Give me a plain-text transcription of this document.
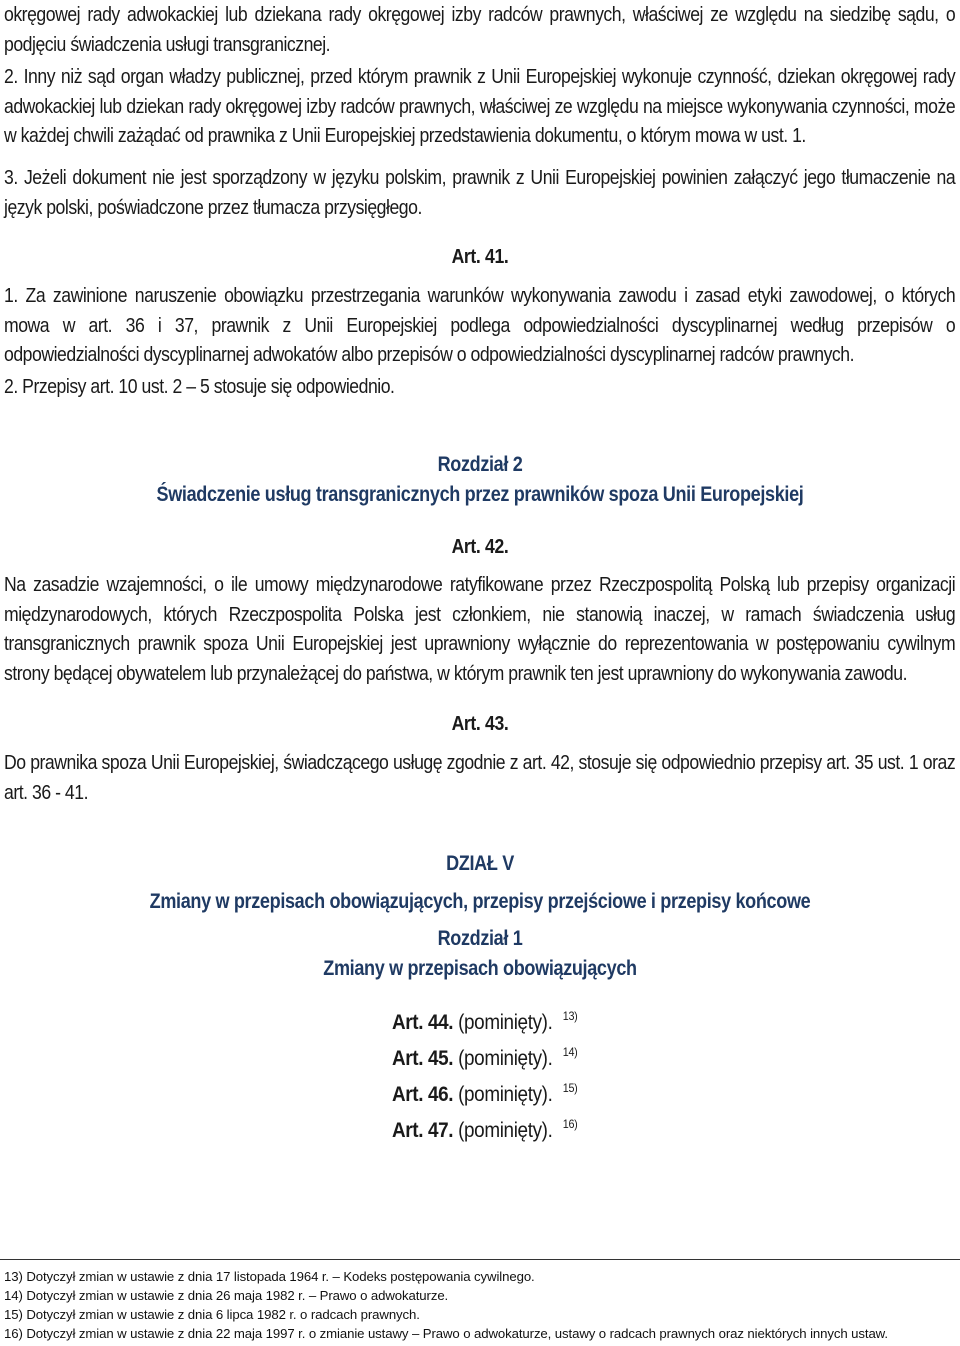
okręgowej rady adwokackiej lub dziekana rady okręgowej izby radców prawnych, właściwej ze względu na siedzibę sądu, o podjęciu świadczenia usługi transgranicznej.

2. Inny niż sąd organ władzy publicznej, przed którym prawnik z Unii Europejskiej wykonuje czynność, dziekan okręgowej rady adwokackiej lub dziekan rady okręgowej izby radców prawnych, właściwej ze względu na miejsce wykonywania czynności, może w każdej chwili zażądać od prawnika z Unii Europejskiej przedstawienia dokumentu, o którym mowa w ust. 1.

3. Jeżeli dokument nie jest sporządzony w języku polskim, prawnik z Unii Europejskiej powinien załączyć jego tłumaczenie na język polski, poświadczone przez tłumacza przysięgłego.

Art. 41.

1. Za zawinione naruszenie obowiązku przestrzegania warunków wykonywania zawodu i zasad etyki zawodowej, o których mowa w art. 36 i 37, prawnik z Unii Europejskiej podlega odpowiedzialności dyscyplinarnej według przepisów o odpowiedzialności dyscyplinarnej adwokatów albo przepisów o odpowiedzialności dyscyplinarnej radców prawnych.

2. Przepisy art. 10 ust. 2 – 5 stosuje się odpowiednio.

Rozdział 2
Świadczenie usług transgranicznych przez prawników spoza Unii Europejskiej
Art. 42.

Na zasadzie wzajemności, o ile umowy międzynarodowe ratyfikowane przez Rzeczpospolitą Polską lub przepisy organizacji międzynarodowych, których Rzeczpospolita Polska jest członkiem, nie stanowią inaczej, w ramach świadczenia usług transgranicznych prawnik spoza Unii Europejskiej jest uprawniony wyłącznie do reprezentowania w postępowaniu cywilnym strony będącej obywatelem lub przynależącej do państwa, w którym prawnik ten jest uprawniony do wykonywania zawodu.

Art. 43.

Do prawnika spoza Unii Europejskiej, świadczącego usługę zgodnie z art. 42, stosuje się odpowiednio przepisy art. 35 ust. 1 oraz art. 36 - 41.

DZIAŁ V
Zmiany w przepisach obowiązujących, przepisy przejściowe i przepisy końcowe
Rozdział 1
Zmiany w przepisach obowiązujących
Art. 44. (pominięty). $^{13)}$
Art. 45. (pominięty). $^{14)}$
Art. 46. (pominięty). $^{15)}$
Art. 47. (pominięty). $^{16)}$
13) Dotyczył zmian w ustawie z dnia 17 listopada 1964 r. – Kodeks postępowania cywilnego.
14) Dotyczył zmian w ustawie z dnia 26 maja 1982 r. – Prawo o adwokaturze.
15) Dotyczył zmian w ustawie z dnia 6 lipca 1982 r. o radcach prawnych.
16) Dotyczył zmian w ustawie z dnia 22 maja 1997 r. o zmianie ustawy – Prawo o adwokaturze, ustawy o radcach prawnych oraz niektórych innych ustaw.
